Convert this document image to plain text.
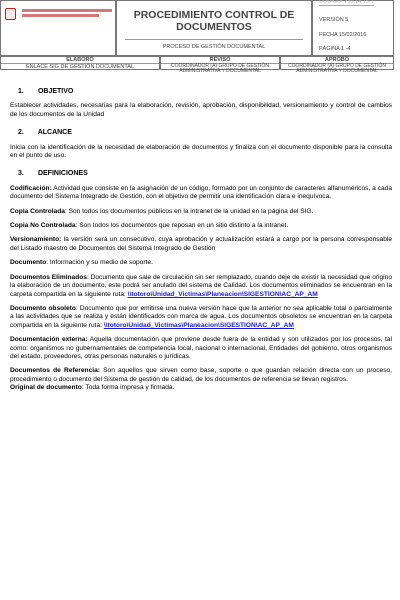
PROCEDIMIENTO CONTROL DE DOCUMENTOS
PROCESO DE GESTIÓN DOCUMENTAL
CÓDIGO: 730,14,15-1
VERSIÓN 5
FECHA 15/02/2016
PÁGINA 1 -4
ELABORÓ
ENLACE SIG DE GESTIÓN DOCUMENTAL
REVISÓ
COORDINADOR (A) GRUPO DE GESTIÓN ADMINISTRATIVA Y DOCUMENTAL
APROBÓ
COORDINADOR (A) GRUPO DE GESTIÓN ADMINISTRATIVA Y DOCUMENTAL
1. OBJETIVO

Establecer actividades, necesarias para la elaboración, revisión, aprobación, disponibilidad, versionamiento y control de cambios de los documentos de la Unidad

2. ALCANCE

Inicia con la identificación de la necesidad de elaboración de documentos y finaliza con el documento disponible para la consulta en el punto de uso.

3. DEFINICIONES

Codificación: Actividad que consiste en la asignación de un código, formado por un conjunto de caracteres alfanuméricos, a cada documento del Sistema Integrado de Gestión, con el objetivo de permitir una identificación clara e inequívoca.

Copia Controlada: Son todos los documentos públicos en la intranet de la unidad en la página del SIG.

Copia No Controlada: Son todos los documentos que reposan en un sitio distinto a la intranet.

Versionamiento: la versión será un consecutivo, cuya aprobación y actualización estará a cargo por la persona corresponsable del Listado maestro de Documentos del Sistema Integrado de Gestión

Documento: Información y su medio de soporte.

Documentos Eliminados: Documento que sale de circulación sin ser remplazado, cuando deje de existir la necesidad que origino la elaboración de un documento, este podrá ser anulado del sistema de Calidad. Los documentos eliminados se encuentran en la carpeta compartida en la siguiente ruta: \\totoro\Unidad_Victimas\Planeacion\SIGESTION\AC_AP_AM

Documento obsoleto: Documento que por emitirse una nueva versión hace que la anterior no sea aplicable total o parcialmente a las actividades que se realiza y están identificados con marca de agua. Los documentos obsoletos se encuentran en la carpeta compartida en la siguiente ruta: \\totoro\Unidad_Victimas\Planeacion\SIGESTION\AC_AP_AM

Documentación externa: Aquella documentación que proviene desde fuera de la entidad y son utilizados por los procesos, tal como: organismos no gubernamentales de competencia local, nacional o internacional, Entidades del gobierno, otros organismos del estado, proveedores, otras personas naturales o jurídicas.

Documentos de Referencia: Son aquellos que sirven como base, soporte o que guardan relación directa con un proceso, procedimiento o documento del Sistema de gestión de calidad, de los documentos de referencia se llevan registros.

Original de documento: Toda forma impresa y firmada.
